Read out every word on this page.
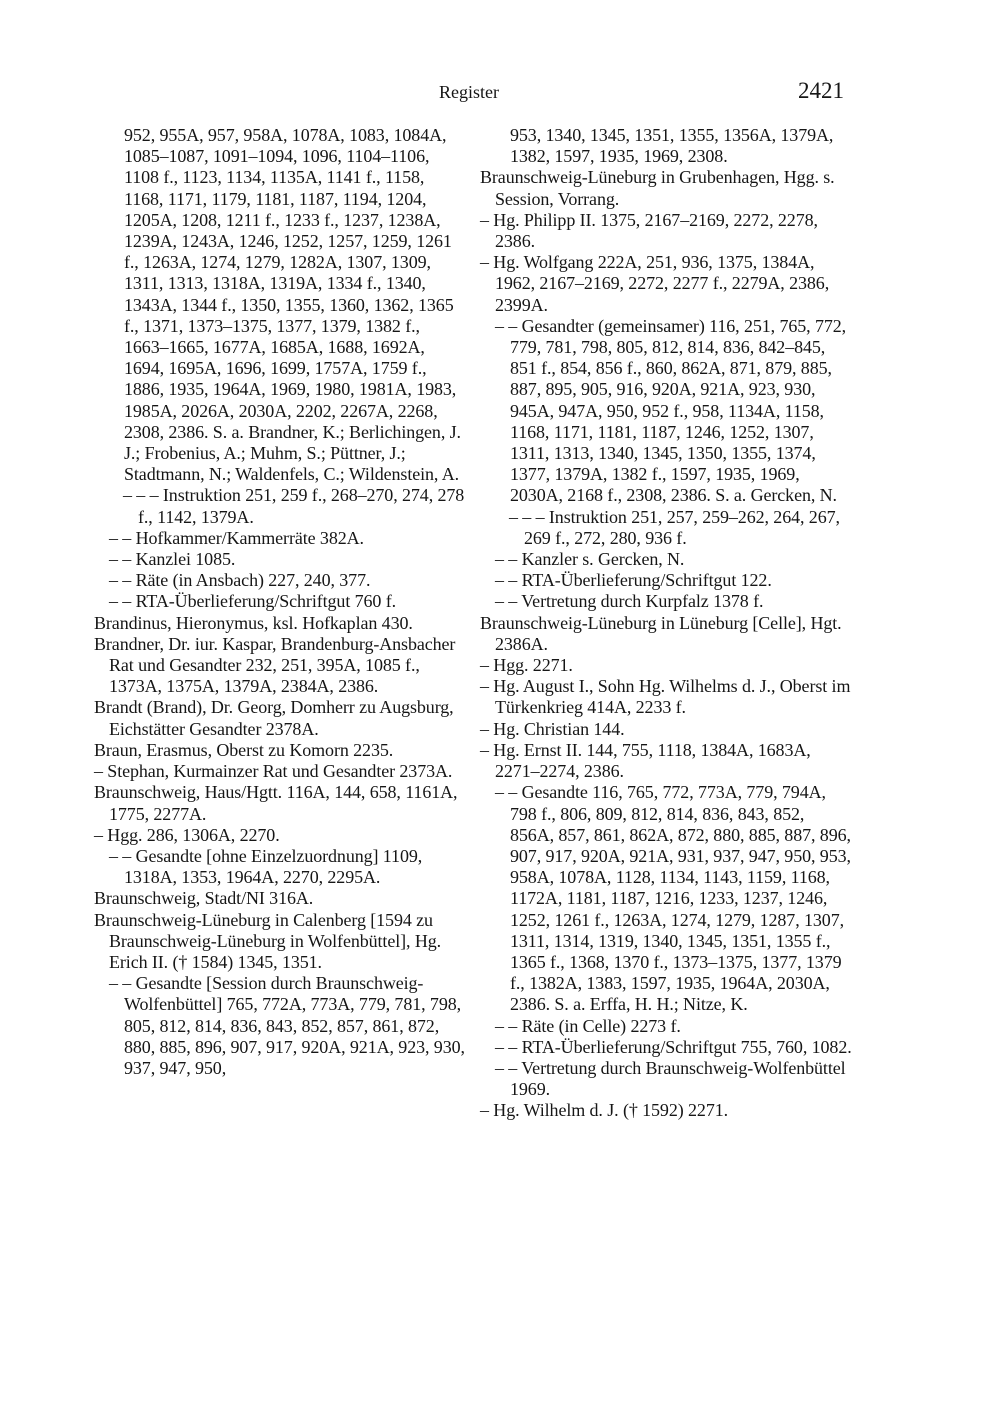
Register	2421

952, 955A, 957, 958A, 1078A, 1083, 1084A, 1085–1087, 1091–1094, 1096, 1104–1106, 1108 f., 1123, 1134, 1135A, 1141 f., 1158, 1168, 1171, 1179, 1181, 1187, 1194, 1204, 1205A, 1208, 1211 f., 1233 f., 1237, 1238A, 1239A, 1243A, 1246, 1252, 1257, 1259, 1261 f., 1263A, 1274, 1279, 1282A, 1307, 1309, 1311, 1313, 1318A, 1319A, 1334 f., 1340, 1343A, 1344 f., 1350, 1355, 1360, 1362, 1365 f., 1371, 1373–1375, 1377, 1379, 1382 f., 1663–1665, 1677A, 1685A, 1688, 1692A, 1694, 1695A, 1696, 1699, 1757A, 1759 f., 1886, 1935, 1964A, 1969, 1980, 1981A, 1983, 1985A, 2026A, 2030A, 2202, 2267A, 2268, 2308, 2386. S. a. Brandner, K.; Berlichingen, J. J.; Frobenius, A.; Muhm, S.; Püttner, J.; Stadtmann, N.; Waldenfels, C.; Wildenstein, A.

– – – Instruktion 251, 259 f., 268–270, 274, 278 f., 1142, 1379A.

– – Hofkammer/Kammerräte 382A.

– – Kanzlei 1085.

– – Räte (in Ansbach) 227, 240, 377.

– – RTA-Überlieferung/Schriftgut 760 f.

Brandinus, Hieronymus, ksl. Hofkaplan 430.

Brandner, Dr. iur. Kaspar, Brandenburg-Ansbacher Rat und Gesandter 232, 251, 395A, 1085 f., 1373A, 1375A, 1379A, 2384A, 2386.

Brandt (Brand), Dr. Georg, Domherr zu Augsburg, Eichstätter Gesandter 2378A.

Braun, Erasmus, Oberst zu Komorn 2235.

– Stephan, Kurmainzer Rat und Gesandter 2373A.

Braunschweig, Haus/Hgtt. 116A, 144, 658, 1161A, 1775, 2277A.

– Hgg. 286, 1306A, 2270.

– – Gesandte [ohne Einzelzuordnung] 1109, 1318A, 1353, 1964A, 2270, 2295A.

Braunschweig, Stadt/NI 316A.

Braunschweig-Lüneburg in Calenberg [1594 zu Braunschweig-Lüneburg in Wolfenbüttel], Hg. Erich II. († 1584) 1345, 1351.

– – Gesandte [Session durch Braunschweig-Wolfenbüttel] 765, 772A, 773A, 779, 781, 798, 805, 812, 814, 836, 843, 852, 857, 861, 872, 880, 885, 896, 907, 917, 920A, 921A, 923, 930, 937, 947, 950,

953, 1340, 1345, 1351, 1355, 1356A, 1379A, 1382, 1597, 1935, 1969, 2308.

Braunschweig-Lüneburg in Grubenhagen, Hgg. s. Session, Vorrang.

– Hg. Philipp II. 1375, 2167–2169, 2272, 2278, 2386.

– Hg. Wolfgang 222A, 251, 936, 1375, 1384A, 1962, 2167–2169, 2272, 2277 f., 2279A, 2386, 2399A.

– – Gesandter (gemeinsamer) 116, 251, 765, 772, 779, 781, 798, 805, 812, 814, 836, 842–845, 851 f., 854, 856 f., 860, 862A, 871, 879, 885, 887, 895, 905, 916, 920A, 921A, 923, 930, 945A, 947A, 950, 952 f., 958, 1134A, 1158, 1168, 1171, 1181, 1187, 1246, 1252, 1307, 1311, 1313, 1340, 1345, 1350, 1355, 1374, 1377, 1379A, 1382 f., 1597, 1935, 1969, 2030A, 2168 f., 2308, 2386. S. a. Gercken, N.

– – – Instruktion 251, 257, 259–262, 264, 267, 269 f., 272, 280, 936 f.

– – Kanzler s. Gercken, N.

– – RTA-Überlieferung/Schriftgut 122.

– – Vertretung durch Kurpfalz 1378 f.

Braunschweig-Lüneburg in Lüneburg [Celle], Hgt. 2386A.

– Hgg. 2271.

– Hg. August I., Sohn Hg. Wilhelms d. J., Oberst im Türkenkrieg 414A, 2233 f.

– Hg. Christian 144.

– Hg. Ernst II. 144, 755, 1118, 1384A, 1683A, 2271–2274, 2386.

– – Gesandte 116, 765, 772, 773A, 779, 794A, 798 f., 806, 809, 812, 814, 836, 843, 852, 856A, 857, 861, 862A, 872, 880, 885, 887, 896, 907, 917, 920A, 921A, 931, 937, 947, 950, 953, 958A, 1078A, 1128, 1134, 1143, 1159, 1168, 1172A, 1181, 1187, 1216, 1233, 1237, 1246, 1252, 1261 f., 1263A, 1274, 1279, 1287, 1307, 1311, 1314, 1319, 1340, 1345, 1351, 1355 f., 1365 f., 1368, 1370 f., 1373–1375, 1377, 1379 f., 1382A, 1383, 1597, 1935, 1964A, 2030A, 2386. S. a. Erffa, H. H.; Nitze, K.

– – Räte (in Celle) 2273 f.

– – RTA-Überlieferung/Schriftgut 755, 760, 1082.

– – Vertretung durch Braunschweig-Wolfenbüttel 1969.

– Hg. Wilhelm d. J. († 1592) 2271.
